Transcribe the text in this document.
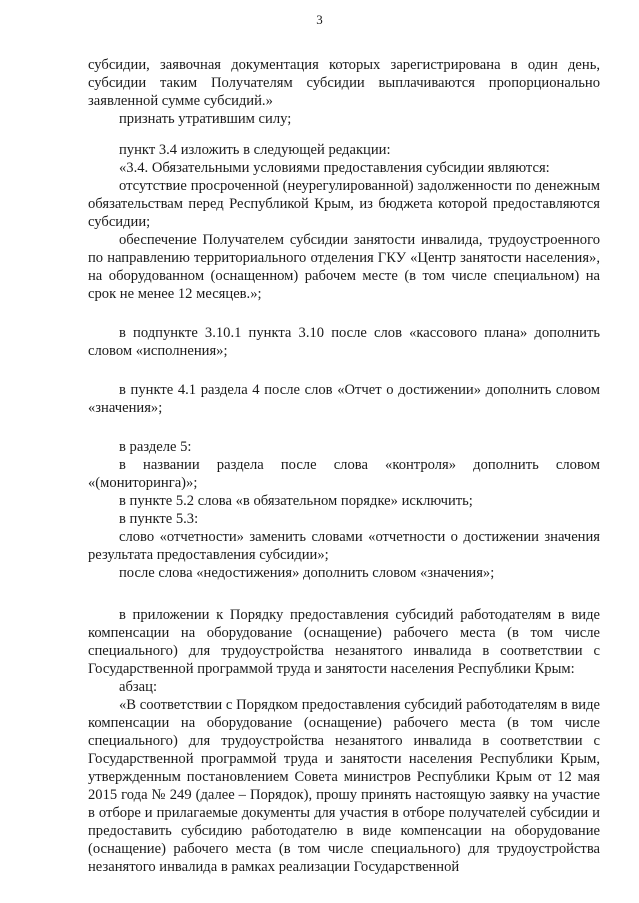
3

субсидии, заявочная документация которых зарегистрирована в один день, субсидии таким Получателям субсидии выплачиваются пропорционально заявленной сумме субсидий.»

признать утратившим силу;

пункт 3.4 изложить в следующей редакции:

«3.4. Обязательными условиями предоставления субсидии являются:

отсутствие просроченной (неурегулированной) задолженности по денежным обязательствам перед Республикой Крым, из бюджета которой предоставляются субсидии;

обеспечение Получателем субсидии занятости инвалида, трудоустроенного по направлению территориального отделения ГКУ «Центр занятости населения», на оборудованном (оснащенном) рабочем месте (в том числе специальном) на срок не менее 12 месяцев.»;

в подпункте 3.10.1 пункта 3.10 после слов «кассового плана» дополнить словом «исполнения»;

в пункте 4.1 раздела 4 после слов «Отчет о достижении» дополнить словом «значения»;

в разделе 5:

в названии раздела после слова «контроля» дополнить словом «(мониторинга)»;

в пункте 5.2 слова «в обязательном порядке» исключить;

в пункте 5.3:

слово «отчетности» заменить словами «отчетности о достижении значения результата предоставления субсидии»;

после слова «недостижения» дополнить словом «значения»;

в приложении к Порядку предоставления субсидий работодателям в виде компенсации на оборудование (оснащение) рабочего места (в том числе специального) для трудоустройства незанятого инвалида в соответствии с Государственной программой труда и занятости населения Республики Крым:

абзац:

«В соответствии с Порядком предоставления субсидий работодателям в виде компенсации на оборудование (оснащение) рабочего места (в том числе специального) для трудоустройства незанятого инвалида в соответствии с Государственной программой труда и занятости населения Республики Крым, утвержденным постановлением Совета министров Республики Крым от 12 мая 2015 года № 249 (далее – Порядок), прошу принять настоящую заявку на участие в отборе и прилагаемые документы для участия в отборе получателей субсидии и предоставить субсидию работодателю в виде компенсации на оборудование (оснащение) рабочего места (в том числе специального) для трудоустройства незанятого инвалида в рамках реализации Государственной
